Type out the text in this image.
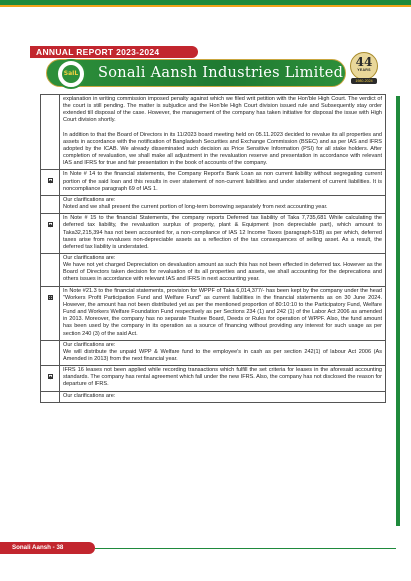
ANNUAL REPORT 2023-2024
SaIL Sonali Aansh Industries Limited
44
YEARS
1980-2024

	explanation in writing commission imposed penalty against which we filed writ petition with the Hon'ble High Court. The verdict of the court is still pending. The matter is subjudice and the Hon'ble High Court division issued rule and Subsequently stay order extended till disposal of the case. However, the management of the company has taken initiative for disposal the issue with High Court division shortly.

In addition to that the Board of Directors in its 11/2023 board meeting held on 05.11.2023 decided to revalue its all properties and assets in accordance with the notification of Bangladesh Securities and Exchange Commission (BSEC) and as per IAS and IFRS adopted by the ICAB. We already disseminated such decision as Price Sensitive Information (PSI) for all stake holders. After completion of revaluation, we shall make all adjustment in the revaluation reserve and presentation in accordance with relevant IAS and IFRS for true and fair presentation in the book of accounts of the company.

	In Note # 14 to the financial statements, the Company Report's Bank Loan as non current liability without segregating current portion of the said loan and this results in over statement of non-current liabilities and under statement of current liabilities. It is noncompliance paragraph 69 of IAS 1.

	Our clarifications are:
Noted and we shall present the current portion of long-term borrowing separately from next accounting year.

	In Note # 15 to the financial Statements, the company reports Deferred tax liability of Taka 7,735,681 While calculating the deferred tax liability, the revaluation surplus of property, plant & Equipment (non depreciable part), which amount to Taka32,215,394 has not been accounted for, a non-compliance of IAS 12 Income Taxes (paragraph-51B) as per which, deferred taxes arise from revaluses non-depreciable assets as a reflection of the tax consequences of selling asset. As a result, the deferred tax liability is understated.

	Our clarifications are:
We have not yet charged Depreciation on devaluation amount as such this has not been effected in deferred tax. However as the Board of Directors taken decision for revaluation of its all properties and assets, we shall accounting for the deprecations and others issues in accordance with relevant IAS and IFRS in next accounting year.

	In Note #21.3 to the financial statements, provision for WPPF of Taka 6,014,377/- has been kept by the company under the head "Workers Profit Participation Fund and Welfare Fund" as current liabilities in the financial statements as on 30 June 2024. However, the amount has not been distributed yet as per the mentioned proportion of 80:10:10 to the Participatory Fund, Welfare Fund and Workers Welfare Foundation Fund respectively as per Sections 234 (1) and 242 (1) of the Labor Act 2006 as amended in 2013. Moreover, the company has no separate Trustee Board, Deeds or Rules for operation of WPPF. Also, the fund amount has been used by the company in its operation as a source of financing without providing any interest for such usage as per section 240 (3) of the said Act.

	Our clarifications are:
We will distribute the unpaid WPP & Welfare fund to the employee's in cash as per section 242(1) of labour Act 2006 (As Amended in 2013) from the next financial year.

	IFRS 16 leases not been applied while recording transactions which fulfill the set criteria for leases in the aforesaid accounting standards. The company has rental agreement which fall under the new IFRS. Also, the company has not disclosed the reason for departure of IFRS.

	Our clarifications are:

Sonali Aansh - 38
